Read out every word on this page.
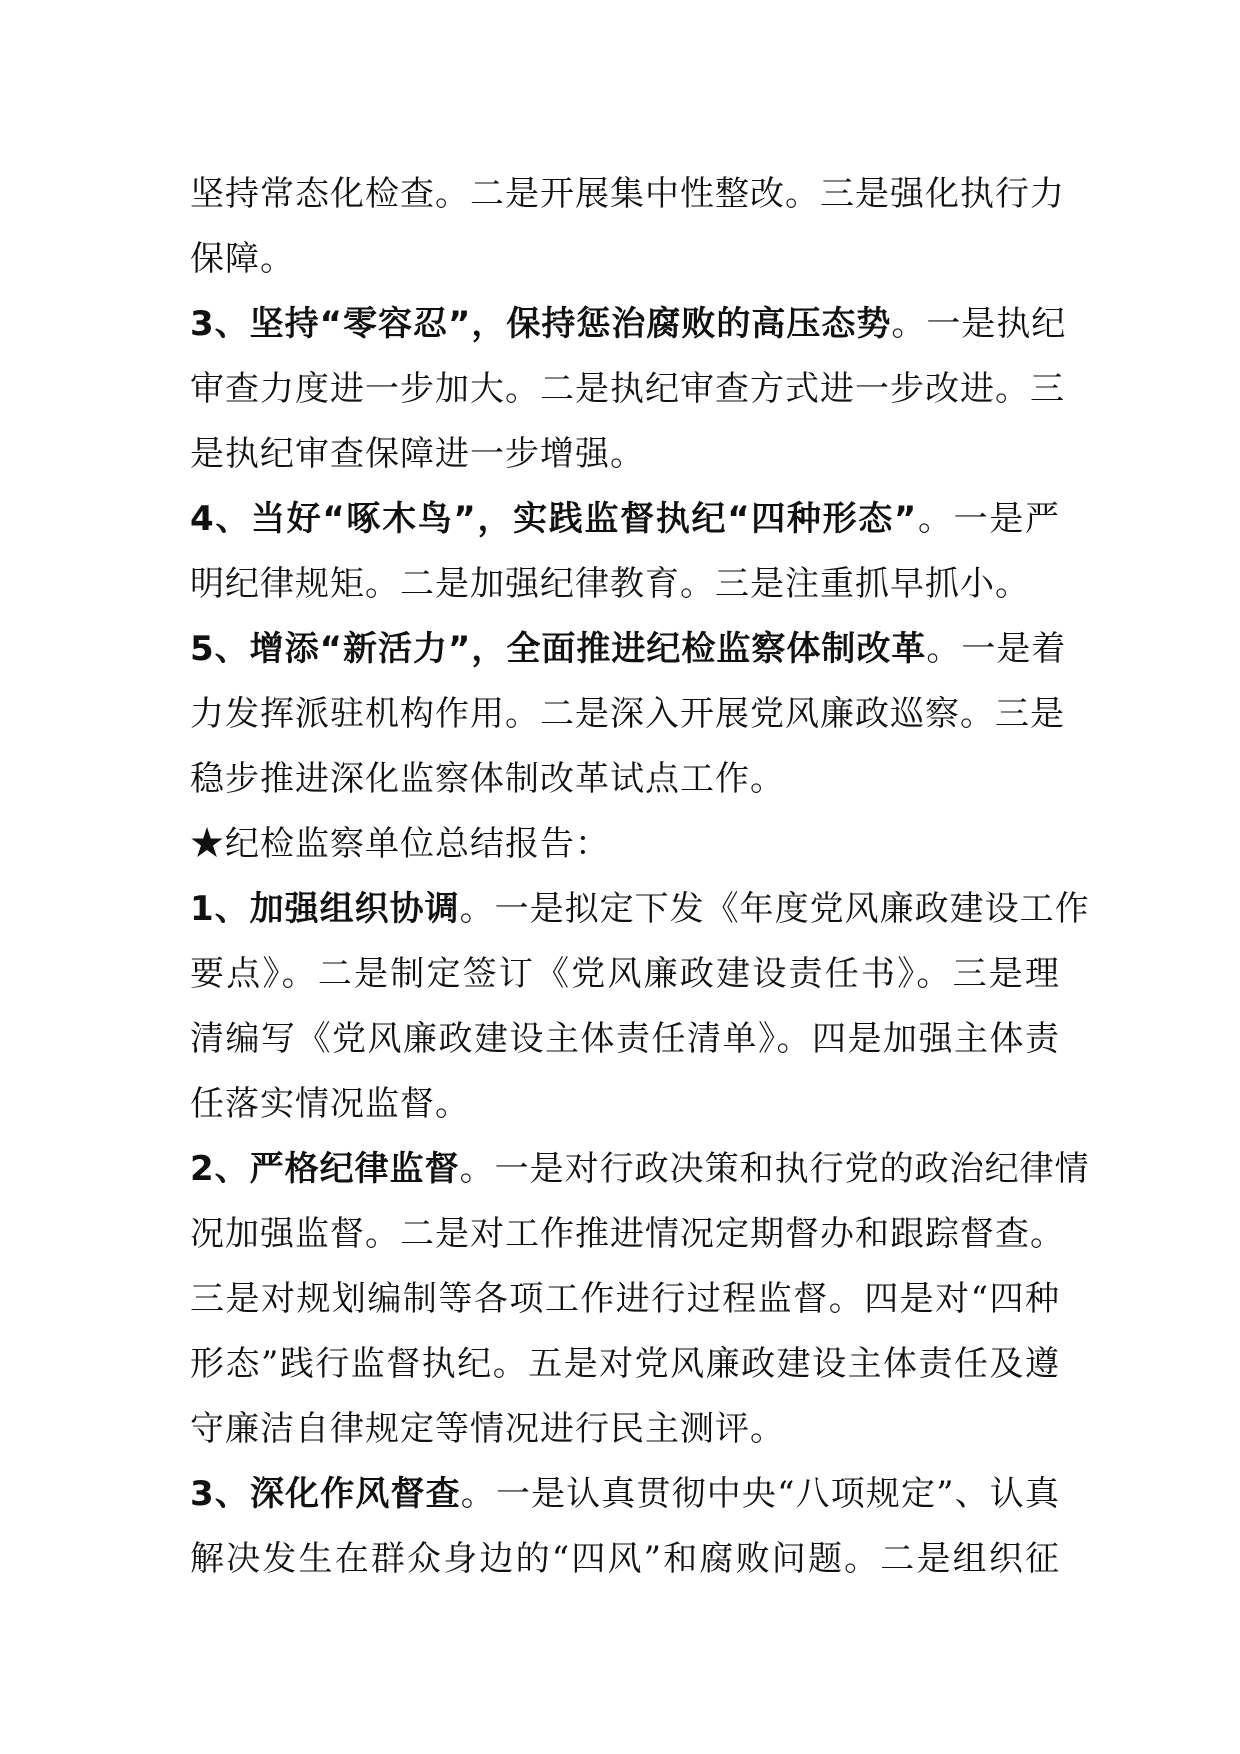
坚持常态化检查。二是开展集中性整改。三是强化执行力
保障。
3、坚持“零容忍”，保持惩治腐败的高压态势。一是执纪
审查力度进一步加大。二是执纪审查方式进一步改进。三
是执纪审查保障进一步增强。
4、当好“啄木鸟”，实践监督执纪“四种形态”。一是严
明纪律规矩。二是加强纪律教育。三是注重抓早抓小。
5、增添“新活力”，全面推进纪检监察体制改革。一是着
力发挥派驻机构作用。二是深入开展党风廉政巡察。三是
稳步推进深化监察体制改革试点工作。
★纪检监察单位总结报告：
1、加强组织协调。一是拟定下发《年度党风廉政建设工作
要点》。二是制定签订《党风廉政建设责任书》。三是理
清编写《党风廉政建设主体责任清单》。四是加强主体责
任落实情况监督。
2、严格纪律监督。一是对行政决策和执行党的政治纪律情
况加强监督。二是对工作推进情况定期督办和跟踪督查。
三是对规划编制等各项工作进行过程监督。四是对“四种
形态”践行监督执纪。五是对党风廉政建设主体责任及遵
守廉洁自律规定等情况进行民主测评。
3、深化作风督查。一是认真贯彻中央“八项规定”、认真
解决发生在群众身边的“四风”和腐败问题。二是组织征
